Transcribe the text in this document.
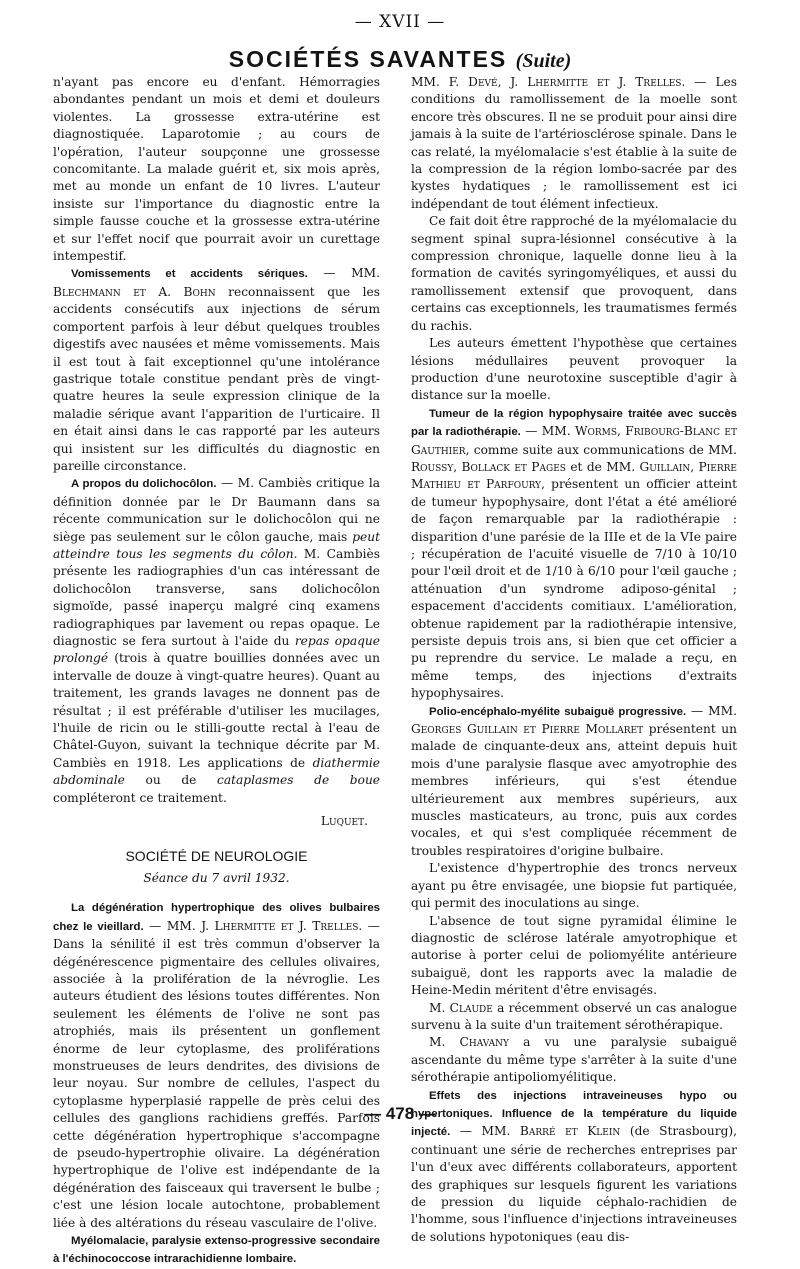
— XVII —
SOCIÉTÉS SAVANTES (Suite)

n'ayant pas encore eu d'enfant. Hémorragies abondantes pendant un mois et demi et douleurs violentes. La grossesse extra-utérine est diagnostiquée. Laparotomie ; au cours de l'opération, l'auteur soupçonne une grossesse concomitante. La malade guérit et, six mois après, met au monde un enfant de 10 livres. L'auteur insiste sur l'importance du diagnostic entre la simple fausse couche et la grossesse extra-utérine et sur l'effet nocif que pourrait avoir un curettage intempestif.

Vomissements et accidents sériques. — MM. Blechmann et A. Bohn reconnaissent que les accidents consécutifs aux injections de sérum comportent parfois à leur début quelques troubles digestifs avec nausées et même vomissements. Mais il est tout à fait exceptionnel qu'une intolérance gastrique totale constitue pendant près de vingt-quatre heures la seule expression clinique de la maladie sérique avant l'apparition de l'urticaire. Il en était ainsi dans le cas rapporté par les auteurs qui insistent sur les difficultés du diagnostic en pareille circonstance.

A propos du dolichocôlon. — M. Cambiès critique la définition donnée par le Dr Baumann dans sa récente communication sur le dolichocôlon qui ne siège pas seulement sur le côlon gauche, mais peut atteindre tous les segments du côlon. M. Cambiès présente les radiographies d'un cas intéressant de dolichocôlon transverse, sans dolichocôlon sigmoïde, passé inaperçu malgré cinq examens radiographiques par lavement ou repas opaque. Le diagnostic se fera surtout à l'aide du repas opaque prolongé (trois à quatre bouillies données avec un intervalle de douze à vingt-quatre heures). Quant au traitement, les grands lavages ne donnent pas de résultat ; il est préférable d'utiliser les mucilages, l'huile de ricin ou le stilli-goutte rectal à l'eau de Châtel-Guyon, suivant la technique décrite par M. Cambiès en 1918. Les applications de diathermie abdominale ou de cataplasmes de boue compléteront ce traitement.

Luquet.

SOCIÉTÉ DE NEUROLOGIE

Séance du 7 avril 1932.

La dégénération hypertrophique des olives bulbaires chez le vieillard. — MM. J. Lhermitte et J. Trelles. — Dans la sénilité il est très commun d'observer la dégénérescence pigmentaire des cellules olivaires, associée à la prolifération de la névroglie. Les auteurs étudient des lésions toutes différentes. Non seulement les éléments de l'olive ne sont pas atrophiés, mais ils présentent un gonflement énorme de leur cytoplasme, des proliférations monstrueuses de leurs dendrites, des divisions de leur noyau. Sur nombre de cellules, l'aspect du cytoplasme hyperplasié rappelle de près celui des cellules des ganglions rachidiens greffés. Parfois cette dégénération hypertrophique s'accompagne de pseudo-hypertrophie olivaire. La dégénération hypertrophique de l'olive est indépendante de la dégénération des faisceaux qui traversent le bulbe ; c'est une lésion locale autochtone, probablement liée à des altérations du réseau vasculaire de l'olive.

Myélomalacie, paralysie extenso-progressive secondaire à l'échinococcose intrarachidienne lombaire.

MM. F. Devé, J. Lhermitte et J. Trelles. — Les conditions du ramollissement de la moelle sont encore très obscures. Il ne se produit pour ainsi dire jamais à la suite de l'artériosclérose spinale. Dans le cas relaté, la myélomalacie s'est établie à la suite de la compression de la région lombo-sacrée par des kystes hydatiques ; le ramollissement est ici indépendant de tout élément infectieux.

Ce fait doit être rapproché de la myélomalacie du segment spinal supra-lésionnel consécutive à la compression chronique, laquelle donne lieu à la formation de cavités syringomyéliques, et aussi du ramollissement extensif que provoquent, dans certains cas exceptionnels, les traumatismes fermés du rachis.

Les auteurs émettent l'hypothèse que certaines lésions médullaires peuvent provoquer la production d'une neurotoxine susceptible d'agir à distance sur la moelle.

Tumeur de la région hypophysaire traitée avec succès par la radiothérapie. — MM. Worms, Fribourg-Blanc et Gauthier, comme suite aux communications de MM. Roussy, Bollack et Pages et de MM. Guillain, Pierre Mathieu et Parfoury, présentent un officier atteint de tumeur hypophysaire, dont l'état a été amélioré de façon remarquable par la radiothérapie : disparition d'une parésie de la IIIe et de la VIe paire ; récupération de l'acuité visuelle de 7/10 à 10/10 pour l'œil droit et de 1/10 à 6/10 pour l'œil gauche ; atténuation d'un syndrome adiposo-génital ; espacement d'accidents comitiaux. L'amélioration, obtenue rapidement par la radiothérapie intensive, persiste depuis trois ans, si bien que cet officier a pu reprendre du service. Le malade a reçu, en même temps, des injections d'extraits hypophysaires.

Polio-encéphalo-myélite subaiguë progressive. — MM. Georges Guillain et Pierre Mollaret présentent un malade de cinquante-deux ans, atteint depuis huit mois d'une paralysie flasque avec amyotrophie des membres inférieurs, qui s'est étendue ultérieurement aux membres supérieurs, aux muscles masticateurs, au tronc, puis aux cordes vocales, et qui s'est compliquée récemment de troubles respiratoires d'origine bulbaire.

L'existence d'hypertrophie des troncs nerveux ayant pu être envisagée, une biopsie fut partiquée, qui permit des inoculations au singe.

L'absence de tout signe pyramidal élimine le diagnostic de sclérose latérale amyotrophique et autorise à porter celui de poliomyélite antérieure subaiguë, dont les rapports avec la maladie de Heine-Medin méritent d'être envisagés.

M. Claude a récemment observé un cas analogue survenu à la suite d'un traitement sérothérapique.

M. Chavany a vu une paralysie subaiguë ascendante du même type s'arrêter à la suite d'une sérothérapie antipoliomyélitique.

Effets des injections intraveineuses hypo ou hypertoniques. Influence de la température du liquide injecté. — MM. Barré et Klein (de Strasbourg), continuant une série de recherches entreprises par l'un d'eux avec différents collaborateurs, apportent des graphiques sur lesquels figurent les variations de pression du liquide céphalo-rachidien de l'homme, sous l'influence d'injections intraveineuses de solutions hypotoniques (eau dis-

— 478 —
